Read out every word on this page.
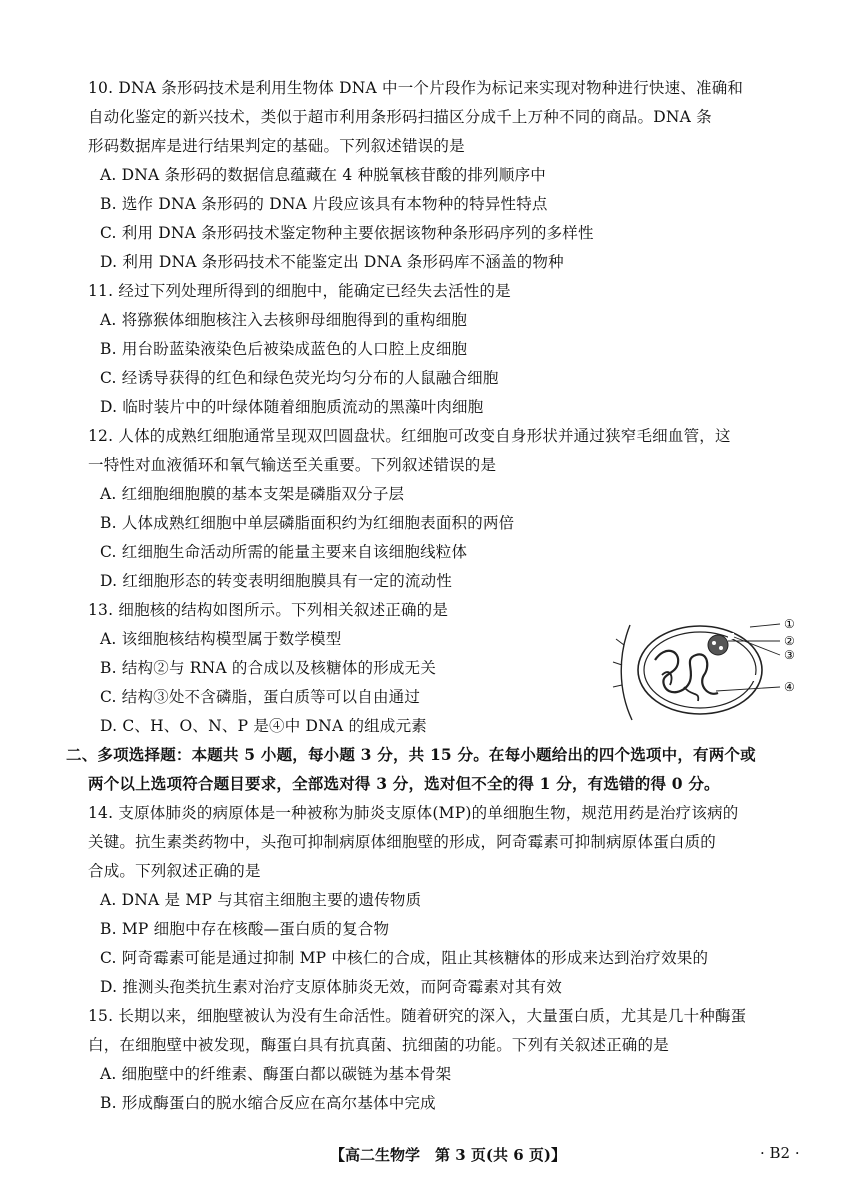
10. DNA 条形码技术是利用生物体 DNA 中一个片段作为标记来实现对物种进行快速、准确和
自动化鉴定的新兴技术，类似于超市利用条形码扫描区分成千上万种不同的商品。DNA 条
形码数据库是进行结果判定的基础。下列叙述错误的是
A. DNA 条形码的数据信息蕴藏在 4 种脱氧核苷酸的排列顺序中
B. 选作 DNA 条形码的 DNA 片段应该具有本物种的特异性特点
C. 利用 DNA 条形码技术鉴定物种主要依据该物种条形码序列的多样性
D. 利用 DNA 条形码技术不能鉴定出 DNA 条形码库不涵盖的物种
11. 经过下列处理所得到的细胞中，能确定已经失去活性的是
A. 将猕猴体细胞核注入去核卵母细胞得到的重构细胞
B. 用台盼蓝染液染色后被染成蓝色的人口腔上皮细胞
C. 经诱导获得的红色和绿色荧光均匀分布的人鼠融合细胞
D. 临时装片中的叶绿体随着细胞质流动的黑藻叶肉细胞
12. 人体的成熟红细胞通常呈现双凹圆盘状。红细胞可改变自身形状并通过狭窄毛细血管，这
一特性对血液循环和氧气输送至关重要。下列叙述错误的是
A. 红细胞细胞膜的基本支架是磷脂双分子层
B. 人体成熟红细胞中单层磷脂面积约为红细胞表面积的两倍
C. 红细胞生命活动所需的能量主要来自该细胞线粒体
D. 红细胞形态的转变表明细胞膜具有一定的流动性
13. 细胞核的结构如图所示。下列相关叙述正确的是
A. 该细胞核结构模型属于数学模型
B. 结构②与 RNA 的合成以及核糖体的形成无关
C. 结构③处不含磷脂，蛋白质等可以自由通过
D. C、H、O、N、P 是④中 DNA 的组成元素
①
②
③
④
二、多项选择题：本题共 5 小题，每小题 3 分，共 15 分。在每小题给出的四个选项中，有两个或
两个以上选项符合题目要求，全部选对得 3 分，选对但不全的得 1 分，有选错的得 0 分。
14. 支原体肺炎的病原体是一种被称为肺炎支原体(MP)的单细胞生物，规范用药是治疗该病的
关键。抗生素类药物中，头孢可抑制病原体细胞壁的形成，阿奇霉素可抑制病原体蛋白质的
合成。下列叙述正确的是
A. DNA 是 MP 与其宿主细胞主要的遗传物质
B. MP 细胞中存在核酸—蛋白质的复合物
C. 阿奇霉素可能是通过抑制 MP 中核仁的合成，阻止其核糖体的形成来达到治疗效果的
D. 推测头孢类抗生素对治疗支原体肺炎无效，而阿奇霉素对其有效
15. 长期以来，细胞壁被认为没有生命活性。随着研究的深入，大量蛋白质，尤其是几十种酶蛋
白，在细胞壁中被发现，酶蛋白具有抗真菌、抗细菌的功能。下列有关叙述正确的是
A. 细胞壁中的纤维素、酶蛋白都以碳链为基本骨架
B. 形成酶蛋白的脱水缩合反应在高尔基体中完成
【高二生物学　第 3 页(共 6 页)】	· B2 ·
